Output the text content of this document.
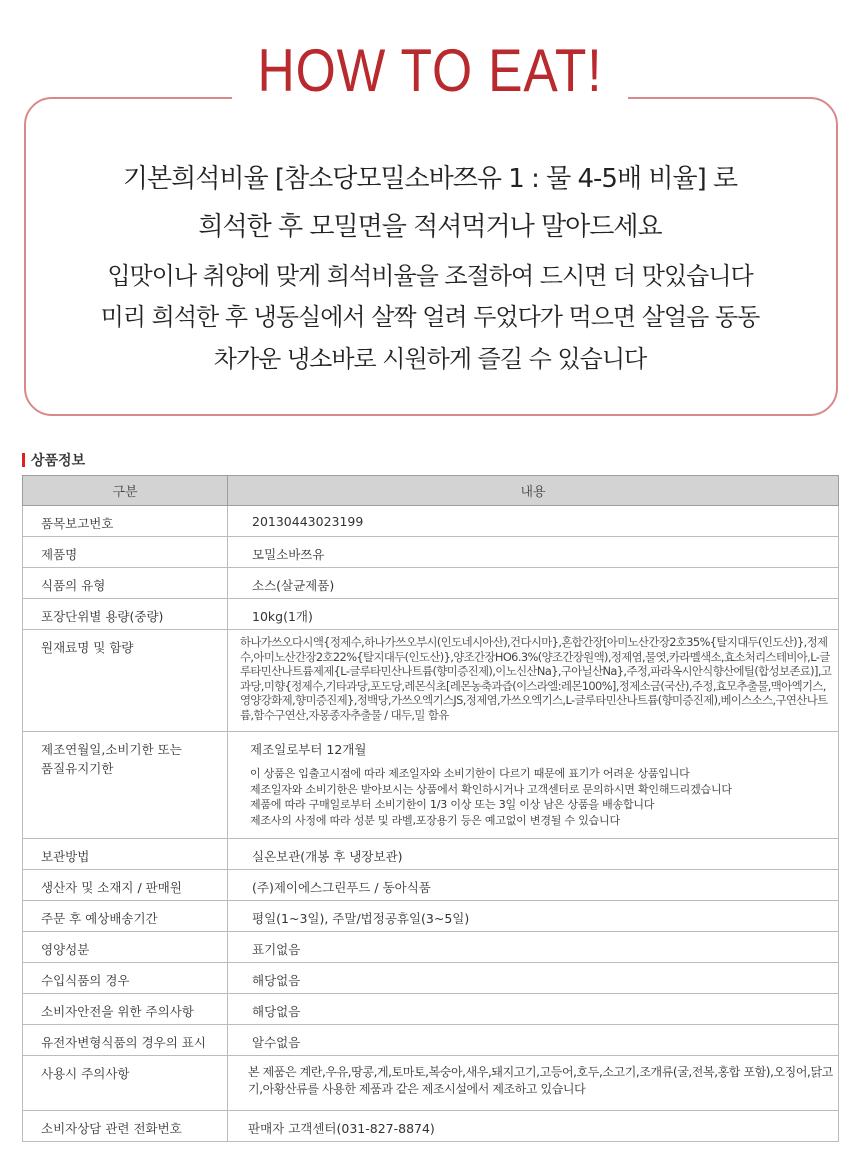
HOW TO EAT!
기본희석비율 [참소당모밀소바쯔유 1 : 물 4-5배 비율] 로
희석한 후 모밀면을 적셔먹거나 말아드세요
입맛이나 취양에 맞게 희석비율을 조절하여 드시면 더 맛있습니다
미리 희석한 후 냉동실에서 살짝 얼려 두었다가 먹으면 살얼음 동동
차가운 냉소바로 시원하게 즐길 수 있습니다
상품정보
구분	내용
품목보고번호	20130443023199
제품명	모밀소바쯔유
식품의 유형	소스(살균제품)
포장단위별 용량(중량)	10kg(1개)
원재료명 및 함량	하나가쓰오다시액{정제수,하나가쓰오부시(인도네시아산),건다시마},혼합간장[아미노산간장2호35%{탈지대두(인도산)},정제수,아미노산간장2호22%{탈지대두(인도산)},양조간장HO6.3%(양조간장원액),정제염,물엿,카라멜색소,효소처리스테비아,L-글루타민산나트륨제제{L-글루타민산나트륨(향미증진제),이노신산Na},구아닐산Na},주정,파라옥시안식향산에틸(합성보존료)],고과당,미향{정제수,기타과당,포도당,레몬식초[레몬농축과즙(이스라엘:레몬100%],정제소금(국산),주정,효모추출물,맥아엑기스,영양강화제,향미증진제},정백당,가쓰오엑기스JS,정제염,가쓰오엑기스,L-글루타민산나트륨(향미증진제),베이스소스,구연산나트륨,함수구연산,자몽종자추출물 / 대두,밀 함유
제조연월일,소비기한 또는 품질유지기한	제조일로부터 12개월
이 상품은 입출고시점에 따라 제조일자와 소비기한이 다르기 때문에 표기가 어려운 상품입니다
제조일자와 소비기한은 받아보시는 상품에서 확인하시거나 고객센터로 문의하시면 확인해드리겠습니다
제품에 따라 구매일로부터 소비기한이 1/3 이상 또는 3일 이상 남은 상품을 배송합니다
제조사의 사정에 따라 성분 및 라벨,포장용기 등은 예고없이 변경될 수 있습니다

보관방법	실온보관(개봉 후 냉장보관)
생산자 및 소재지 / 판매원	(주)제이에스그린푸드 / 동아식품
주문 후 예상배송기간	평일(1~3일), 주말/법정공휴일(3~5일)
영양성분	표기없음
수입식품의 경우	해당없음
소비자안전을 위한 주의사항	해당없음
유전자변형식품의 경우의 표시	알수없음
사용시 주의사항	본 제품은 계란,우유,땅콩,게,토마토,복숭아,새우,돼지고기,고등어,호두,소고기,조개류(굴,전복,홍합 포함),오징어,닭고기,아황산류를 사용한 제품과 같은 제조시설에서 제조하고 있습니다
소비자상담 관련 전화번호	판매자 고객센터(031-827-8874)
